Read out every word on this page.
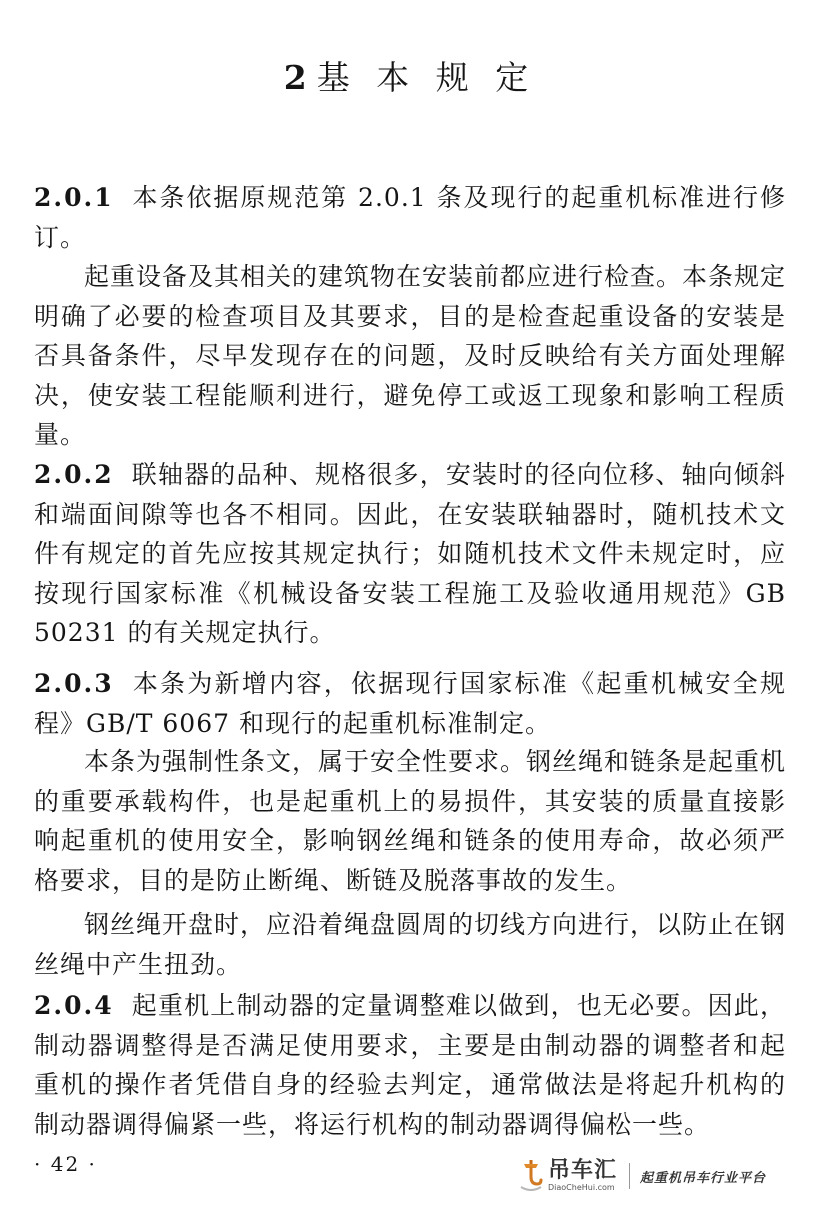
2 基 本 规 定

2.0.1 本条依据原规范第 2.0.1 条及现行的起重机标准进行修订。

起重设备及其相关的建筑物在安装前都应进行检查。本条规定明确了必要的检查项目及其要求，目的是检查起重设备的安装是否具备条件，尽早发现存在的问题，及时反映给有关方面处理解决，使安装工程能顺利进行，避免停工或返工现象和影响工程质量。

2.0.2 联轴器的品种、规格很多，安装时的径向位移、轴向倾斜和端面间隙等也各不相同。因此，在安装联轴器时，随机技术文件有规定的首先应按其规定执行；如随机技术文件未规定时，应按现行国家标准《机械设备安装工程施工及验收通用规范》GB 50231 的有关规定执行。

2.0.3 本条为新增内容，依据现行国家标准《起重机械安全规程》GB/T 6067 和现行的起重机标准制定。

本条为强制性条文，属于安全性要求。钢丝绳和链条是起重机的重要承载构件，也是起重机上的易损件，其安装的质量直接影响起重机的使用安全，影响钢丝绳和链条的使用寿命，故必须严格要求，目的是防止断绳、断链及脱落事故的发生。

钢丝绳开盘时，应沿着绳盘圆周的切线方向进行，以防止在钢丝绳中产生扭劲。

2.0.4 起重机上制动器的定量调整难以做到，也无必要。因此，制动器调整得是否满足使用要求，主要是由制动器的调整者和起重机的操作者凭借自身的经验去判定，通常做法是将起升机构的制动器调得偏紧一些，将运行机构的制动器调得偏松一些。

· 42 ·	吊车汇
DiaoCheHui.com
起重机吊车行业平台
